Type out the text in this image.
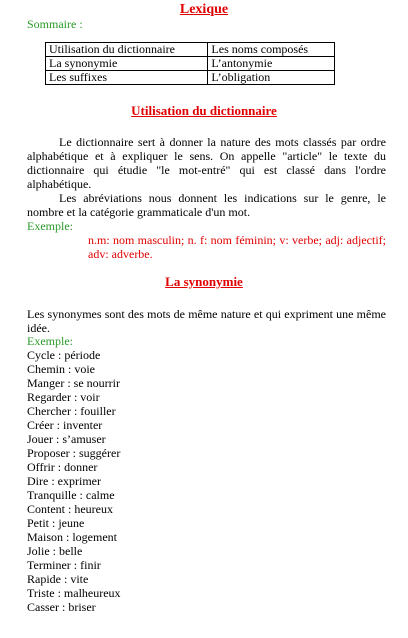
Lexique
Sommaire :
Utilisation du dictionnaire	Les noms composés
La synonymie	L’antonymie
Les suffixes	L’obligation
Utilisation du dictionnaire
Le dictionnaire sert à donner la nature des mots classés par ordre alphabétique et à expliquer le sens. On appelle "article" le texte du dictionnaire qui étudie "le mot-entré" qui est classé dans l'ordre alphabétique.
Les abréviations nous donnent les indications sur le genre, le nombre et la catégorie grammaticale d'un mot.
Exemple:
n.m: nom masculin; n. f: nom féminin; v: verbe; adj: adjectif; adv: adverbe.
La synonymie
Les synonymes sont des mots de même nature et qui expriment une même idée.
Exemple:
Cycle : période
Chemin : voie
Manger : se nourrir
Regarder : voir
Chercher : fouiller
Créer : inventer
Jouer : s’amuser
Proposer : suggérer
Offrir : donner
Dire : exprimer
Tranquille : calme
Content : heureux
Petit : jeune
Maison : logement
Jolie : belle
Terminer : finir
Rapide : vite
Triste : malheureux
Casser : briser
